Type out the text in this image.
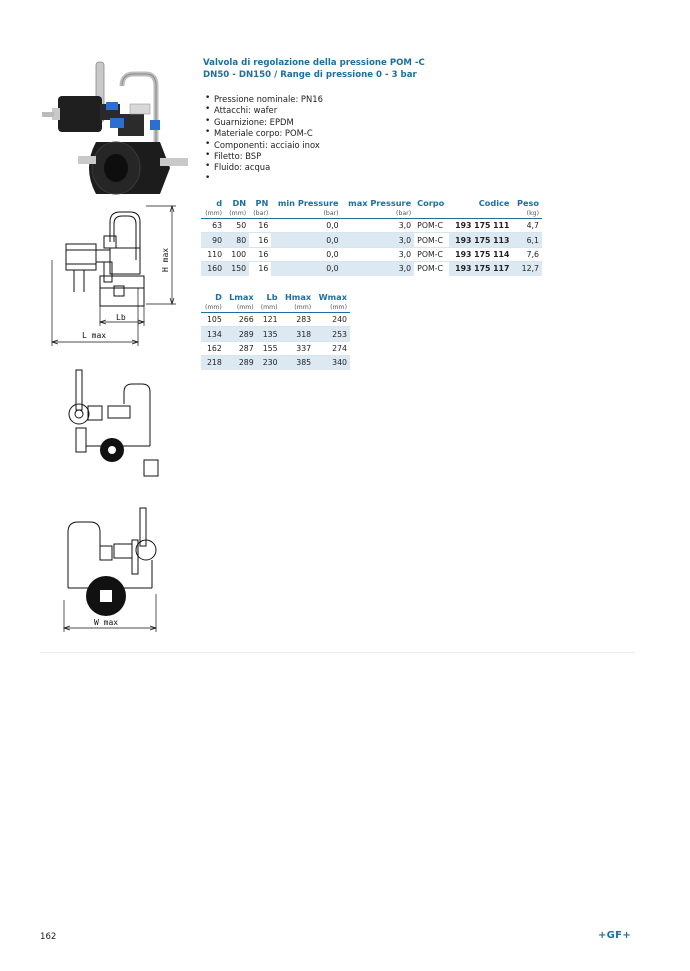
H max
Lb
L max
W max
Valvola di regolazione della pressione POM -C
DN50 - DN150 / Range di pressione 0 - 3 bar
• Pressione nominale: PN16
• Attacchi: wafer
• Guarnizione: EPDM
• Materiale corpo: POM-C
• Componenti: acciaio inox
• Filetto: BSP
• Fluido: acqua
d	DN	PN	min Pressure	max Pressure	Corpo	Codice	Peso
(mm)	(mm)	(bar)	(bar)	(bar)			(kg)
63	50	16	0,0	3,0	POM-C	193 175 111	4,7
90	80	16	0,0	3,0	POM-C	193 175 113	6,1
110	100	16	0,0	3,0	POM-C	193 175 114	7,6
160	150	16	0,0	3,0	POM-C	193 175 117	12,7
D	Lmax	Lb	Hmax	Wmax
(mm)	(mm)	(mm)	(mm)	(mm)
105	266	121	283	240
134	289	135	318	253
162	287	155	337	274
218	289	230	385	340
162	+GF+
